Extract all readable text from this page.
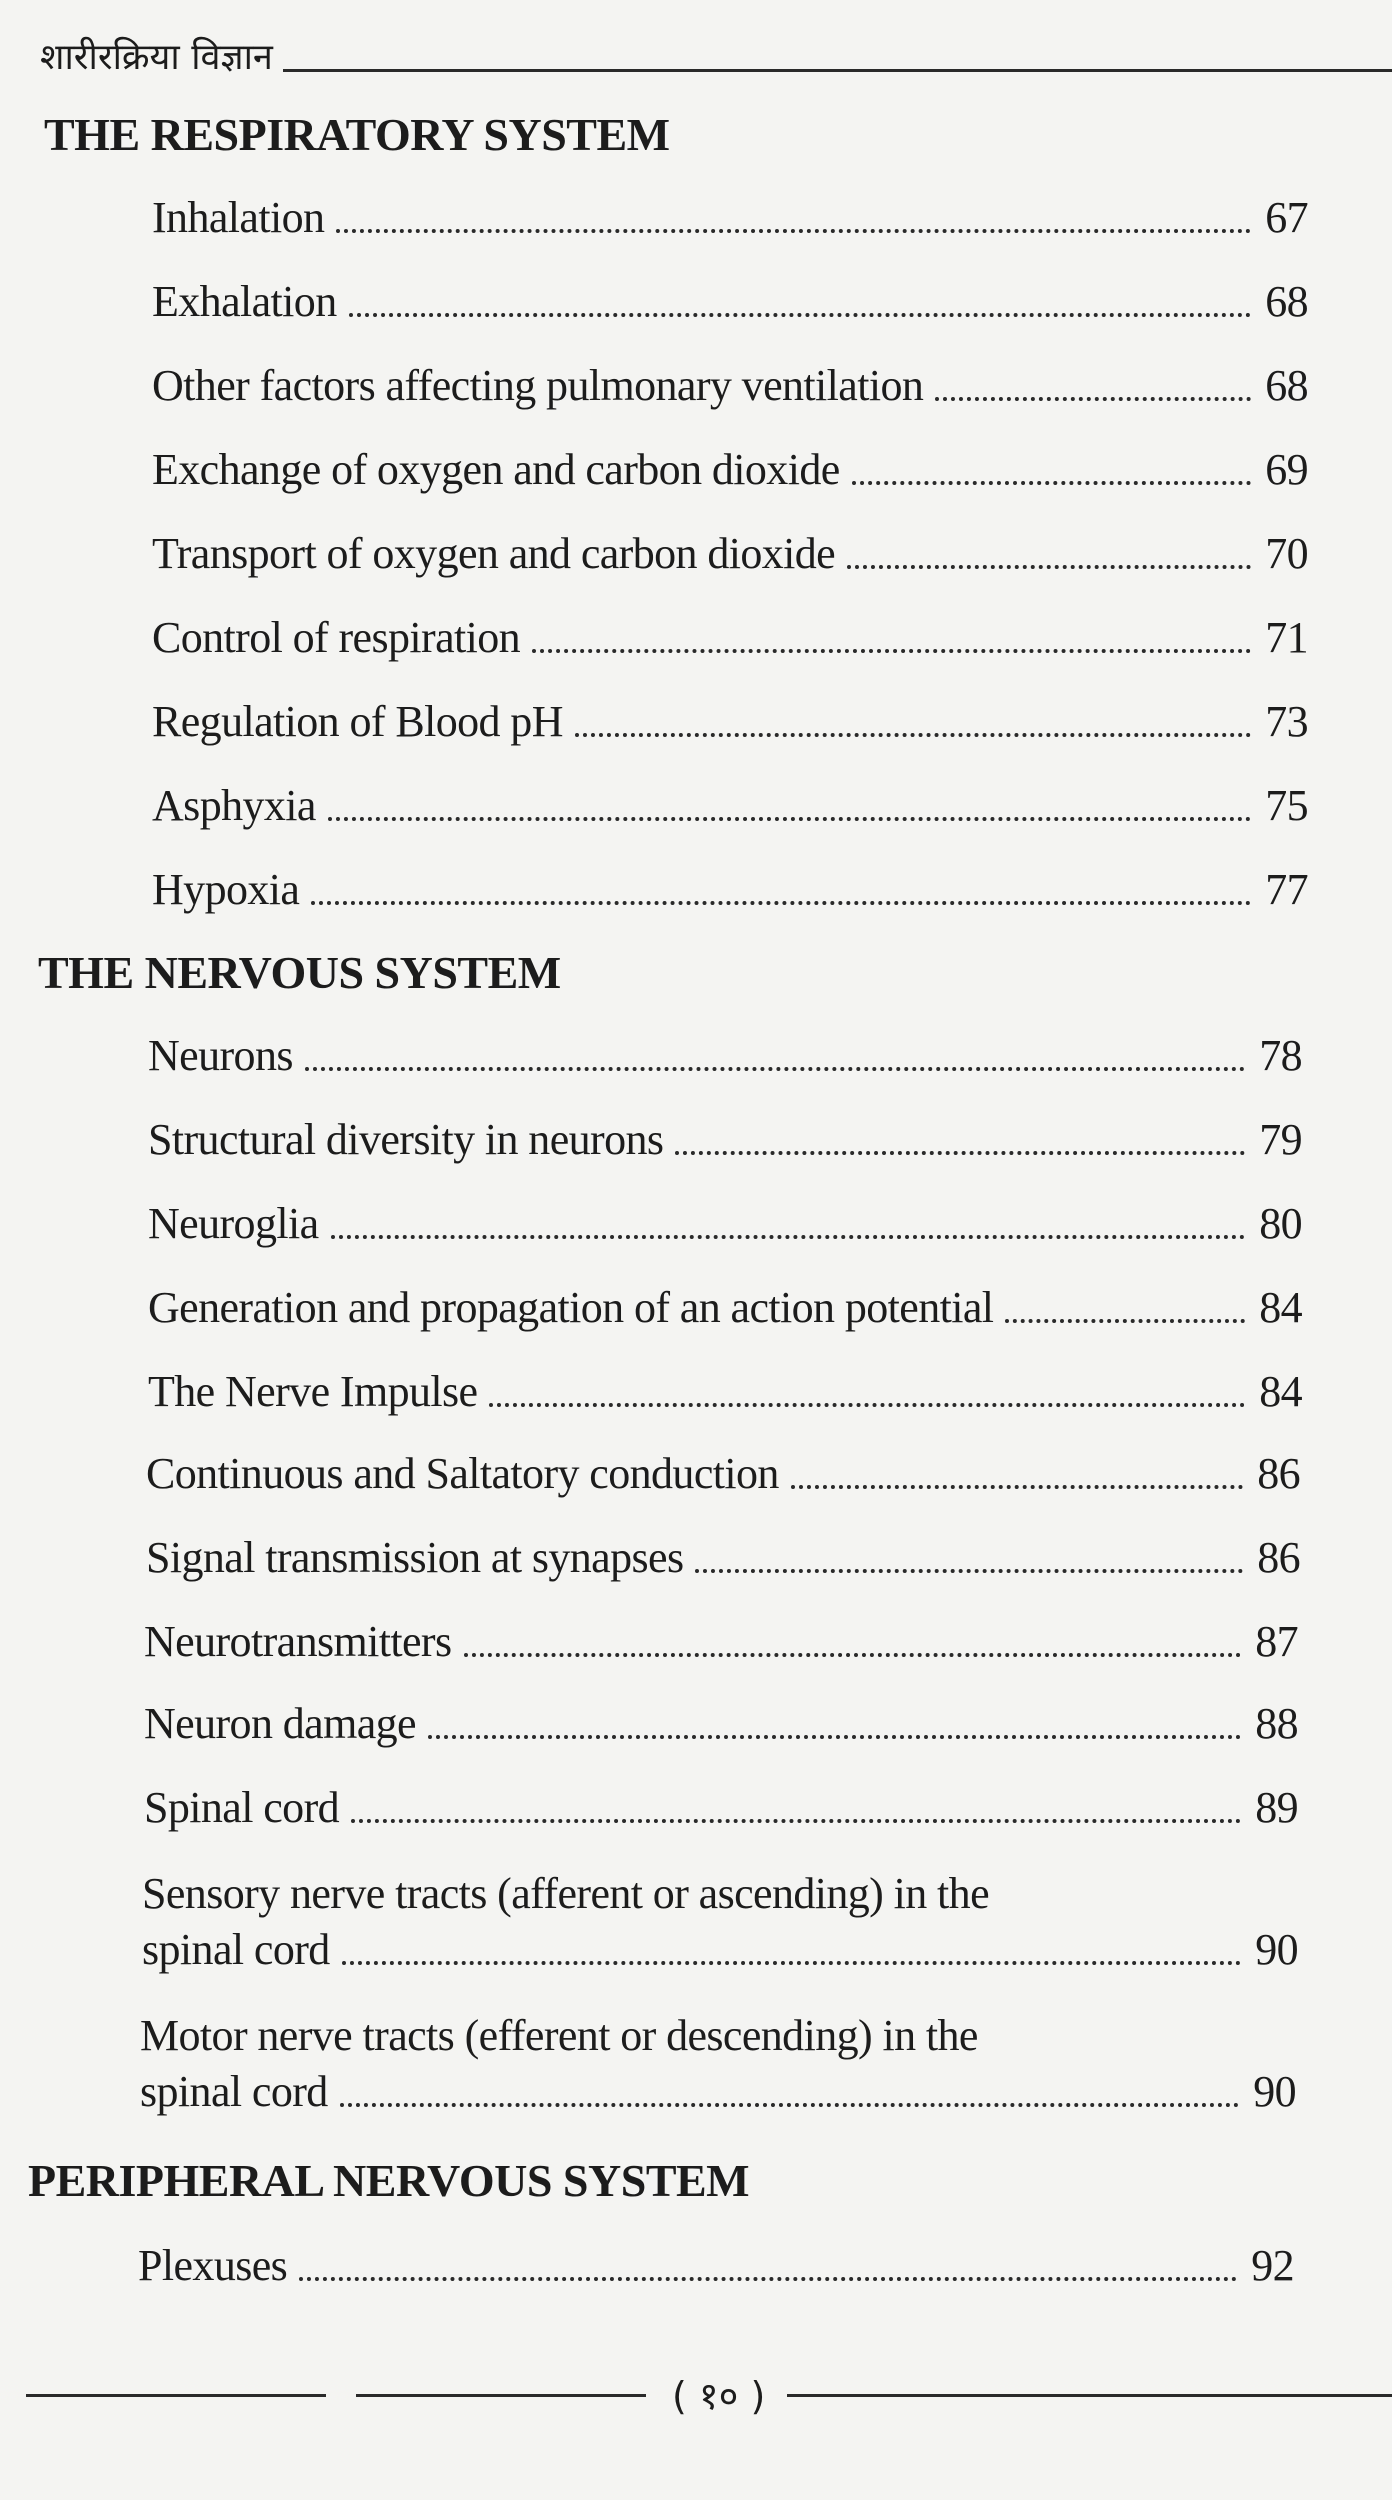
शारीरक्रिया विज्ञान
THE RESPIRATORY SYSTEM
Inhalation	67
Exhalation	68
Other factors affecting pulmonary ventilation	68
Exchange of oxygen and carbon dioxide	69
Transport of oxygen and carbon dioxide	70
Control of respiration	71
Regulation of Blood pH	73
Asphyxia	75
Hypoxia	77
THE NERVOUS SYSTEM
Neurons	78
Structural diversity in neurons	79
Neuroglia	80
Generation and propagation of an action potential	84
The Nerve Impulse	84
Continuous and Saltatory conduction	86
Signal transmission at synapses	86
Neurotransmitters	87
Neuron damage	88
Spinal cord	89
Sensory nerve tracts (afferent or ascending) in the
spinal cord	90
Motor nerve tracts (efferent or descending) in the
spinal cord	90
PERIPHERAL NERVOUS SYSTEM
Plexuses	92
( १० )
